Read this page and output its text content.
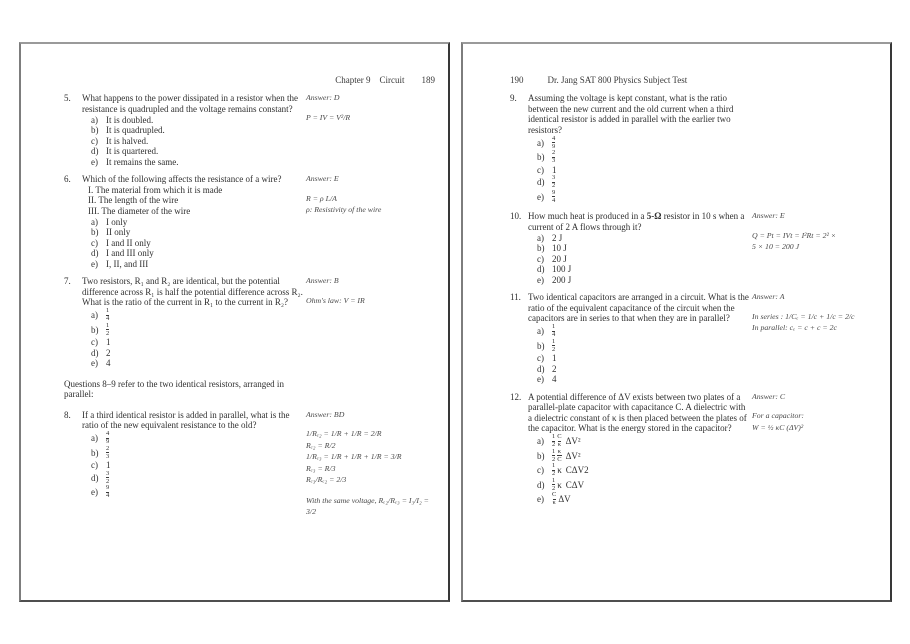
Chapter 9 Circuit 189
5.	What happens to the power dissipated in a resistor when the resistance is quadrupled and the voltage remains constant?
a) It is doubled.
b) It is quadrupled.
c) It is halved.
d) It is quartered.
e) It remains the same.
Answer: D
P = IV = V²/R
6.	Which of the following affects the resistance of a wire?
I. The material from which it is made
II. The length of the wire
III. The diameter of the wire
a) I only
b) II only
c) I and II only
d) I and III only
e) I, II, and III
Answer: E
R = ρ L/A
ρ: Resistivity of the wire
7.	Two resistors, R₁ and R₂ are identical, but the potential difference across R₁ is half the potential difference across R₂. What is the ratio of the current in R₁ to the current in R₂?
a)	$\frac{1}{4}$
b)	$\frac{1}{2}$
c) 1
d) 2
e) 4
Answer: B
Ohm's law: V = IR
Questions 8–9 refer to the two identical resistors, arranged in parallel:
8.	If a third identical resistor is added in parallel, what is the ratio of the new equivalent resistance to the old?
a)	$\frac{4}{9}$
b)	$\frac{2}{3}$
c) 1
d)	$\frac{3}{2}$
e)	$\frac{9}{4}$
Answer: BD
1/Rₑ₂ = 1/R + 1/R = 2/R
Rₑ₂ = R/2
1/Rₑ₃ = 1/R + 1/R + 1/R = 3/R
Rₑ₃ = R/3
Rₑ₃/Rₑ₂ = 2/3
With the same voltage, Rₑ₂/Rₑ₃ = I₃/I₂ =
3/2
190	Dr. Jang SAT 800 Physics Subject Test
9.	Assuming the voltage is kept constant, what is the ratio between the new current and the old current when a third identical resistor is added in parallel with the earlier two resistors?
a)	$\frac{4}{9}$
b)	$\frac{2}{3}$
c) 1
d)	$\frac{3}{2}$
e)	$\frac{9}{4}$
10. How much heat is produced in a 5-Ω resistor in 10 s when a current of 2 A flows through it?
a) 2 J
b) 10 J
c) 20 J
d) 100 J
e) 200 J
Answer: E
Q = Pt = IVt = I²Rt = 2² ×
5 × 10 = 200 J
11. Two identical capacitors are arranged in a circuit. What is the ratio of the equivalent capacitance of the circuit when the capacitors are in series to that when they are in parallel?
a)	$\frac{1}{4}$
b)	$\frac{1}{2}$
c) 1
d) 2
e) 4
Answer: A
In series : 1/Cₑ = 1/c + 1/c = 2/c
In parallel: cₑ = c + c = 2c
12. A potential difference of ΔV exists between two plates of a parallel-plate capacitor with capacitance C. A dielectric with a dielectric constant of κ is then placed between the plates of the capacitor. What is the energy stored in the capacitor?
a)	$\frac{1}{2} \frac{C}{\kappa} \Delta V^2$
b)	$\frac{1}{2} \frac{\kappa}{C} \Delta V^2$
c)	$\frac{1}{2}$ κ CΔV2
d)	$\frac{1}{2}$ κ CΔV
e)	$\frac{C}{\kappa}$ ΔV
Answer: C
For a capacitor:
W = ½ κC (ΔV)²
